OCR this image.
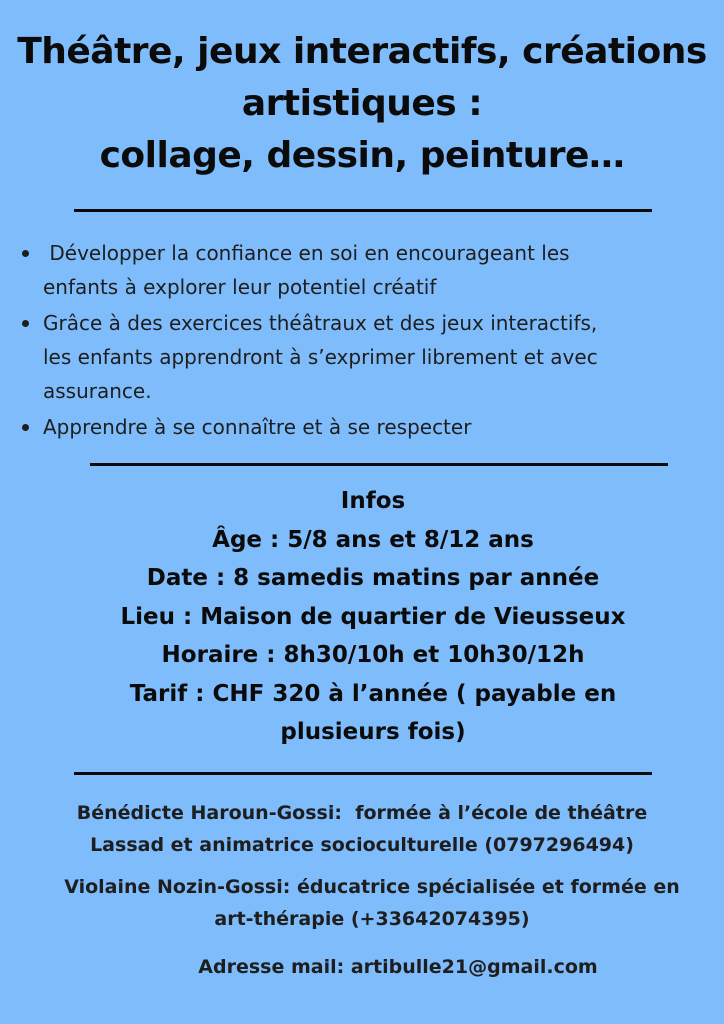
Théâtre, jeux interactifs, créations
artistiques :
collage, dessin, peinture…
Développer la confiance en soi en encourageant les
enfants à explorer leur potentiel créatif
Grâce à des exercices théâtraux et des jeux interactifs,
les enfants apprendront à s’exprimer librement et avec
assurance.
Apprendre à se connaître et à se respecter
Infos
Âge : 5/8 ans et 8/12 ans
Date : 8 samedis matins par année
Lieu : Maison de quartier de Vieusseux
Horaire : 8h30/10h et 10h30/12h
Tarif : CHF 320 à l’année ( payable en
plusieurs fois)
Bénédicte Haroun-Gossi:  formée à l’école de théâtre
Lassad et animatrice socioculturelle (0797296494)
Violaine Nozin-Gossi: éducatrice spécialisée et formée en
art-thérapie (+33642074395)
Adresse mail: artibulle21@gmail.com
